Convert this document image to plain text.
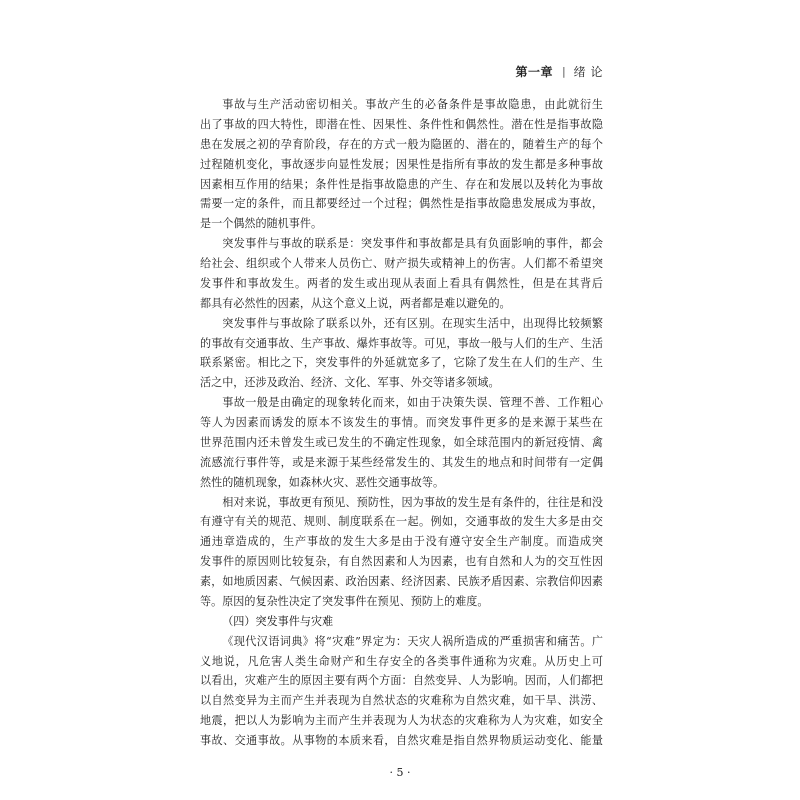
第一章 | 绪 论
事故与生产活动密切相关。事故产生的必备条件是事故隐患，由此就衍生
出了事故的四大特性，即潜在性、因果性、条件性和偶然性。潜在性是指事故隐
患在发展之初的孕育阶段，存在的方式一般为隐匿的、潜在的，随着生产的每个
过程随机变化，事故逐步向显性发展；因果性是指所有事故的发生都是多种事故
因素相互作用的结果；条件性是指事故隐患的产生、存在和发展以及转化为事故
需要一定的条件，而且都要经过一个过程；偶然性是指事故隐患发展成为事故，
是一个偶然的随机事件。
突发事件与事故的联系是：突发事件和事故都是具有负面影响的事件，都会
给社会、组织或个人带来人员伤亡、财产损失或精神上的伤害。人们都不希望突
发事件和事故发生。两者的发生或出现从表面上看具有偶然性，但是在其背后
都具有必然性的因素，从这个意义上说，两者都是难以避免的。
突发事件与事故除了联系以外，还有区别。在现实生活中，出现得比较频繁
的事故有交通事故、生产事故、爆炸事故等。可见，事故一般与人们的生产、生活
联系紧密。相比之下，突发事件的外延就宽多了，它除了发生在人们的生产、生
活之中，还涉及政治、经济、文化、军事、外交等诸多领域。
事故一般是由确定的现象转化而来，如由于决策失误、管理不善、工作粗心
等人为因素而诱发的原本不该发生的事情。而突发事件更多的是来源于某些在
世界范围内还未曾发生或已发生的不确定性现象，如全球范围内的新冠疫情、禽
流感流行事件等，或是来源于某些经常发生的、其发生的地点和时间带有一定偶
然性的随机现象，如森林火灾、恶性交通事故等。
相对来说，事故更有预见、预防性，因为事故的发生是有条件的，往往是和没
有遵守有关的规范、规则、制度联系在一起。例如，交通事故的发生大多是由交
通违章造成的，生产事故的发生大多是由于没有遵守安全生产制度。而造成突
发事件的原因则比较复杂，有自然因素和人为因素，也有自然和人为的交互性因
素，如地质因素、气候因素、政治因素、经济因素、民族矛盾因素、宗教信仰因素
等。原因的复杂性决定了突发事件在预见、预防上的难度。
（四）突发事件与灾难
《现代汉语词典》将“灾难”界定为：天灾人祸所造成的严重损害和痛苦。广
义地说，凡危害人类生命财产和生存安全的各类事件通称为灾难。从历史上可
以看出，灾难产生的原因主要有两个方面：自然变异、人为影响。因而，人们都把
以自然变异为主而产生并表现为自然状态的灾难称为自然灾难，如干旱、洪涝、
地震，把以人为影响为主而产生并表现为人为状态的灾难称为人为灾难，如安全
事故、交通事故。从事物的本质来看，自然灾难是指自然界物质运动变化、能量
· 5 ·
